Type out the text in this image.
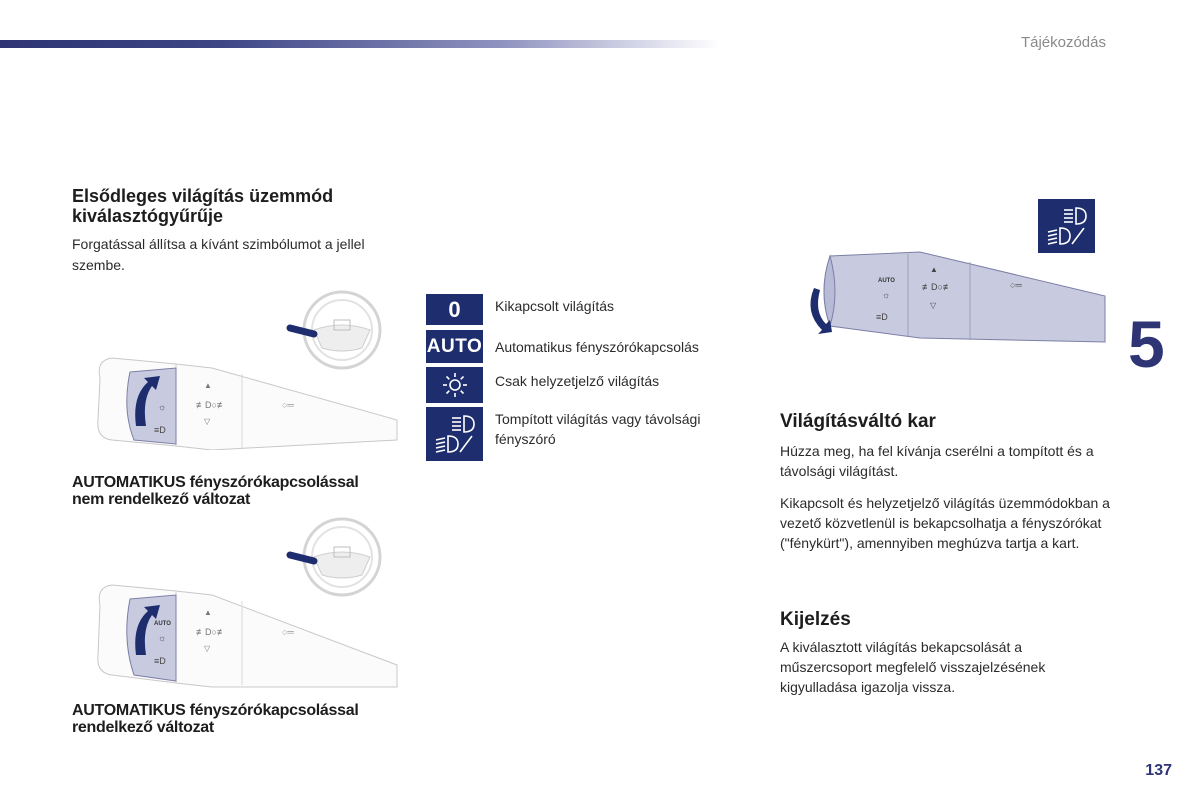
Tájékozódás
Elsődleges világítás üzemmód
kiválasztógyűrűje
Forgatással állítsa a kívánt szimbólumot a jellel szembe.
☼
≡D
▲
≢D○≢
▽
○═
AUTOMATIKUS fényszórókapcsolással
nem rendelkező változat
AUTO
☼
≡D
▲
≢D○≢
▽
○═
AUTOMATIKUS fényszórókapcsolással
rendelkező változat
0	Kikapcsolt világítás
AUTO Automatikus fényszórókapcsolás
Csak helyzetjelző világítás
Tompított világítás vagy távolsági fényszóró
AUTO
☼
≡D
▲
≢D○≢
▽
○═
5
Világításváltó kar
Húzza meg, ha fel kívánja cserélni a tompított és a távolsági világítást.
Kikapcsolt és helyzetjelző világítás üzemmódokban a vezető közvetlenül is bekapcsolhatja a fényszórókat ("fénykürt"), amennyiben meghúzva tartja a kart.
Kijelzés
A kiválasztott világítás bekapcsolását a műszercsoport megfelelő visszajelzésének kigyulladása igazolja vissza.
137
